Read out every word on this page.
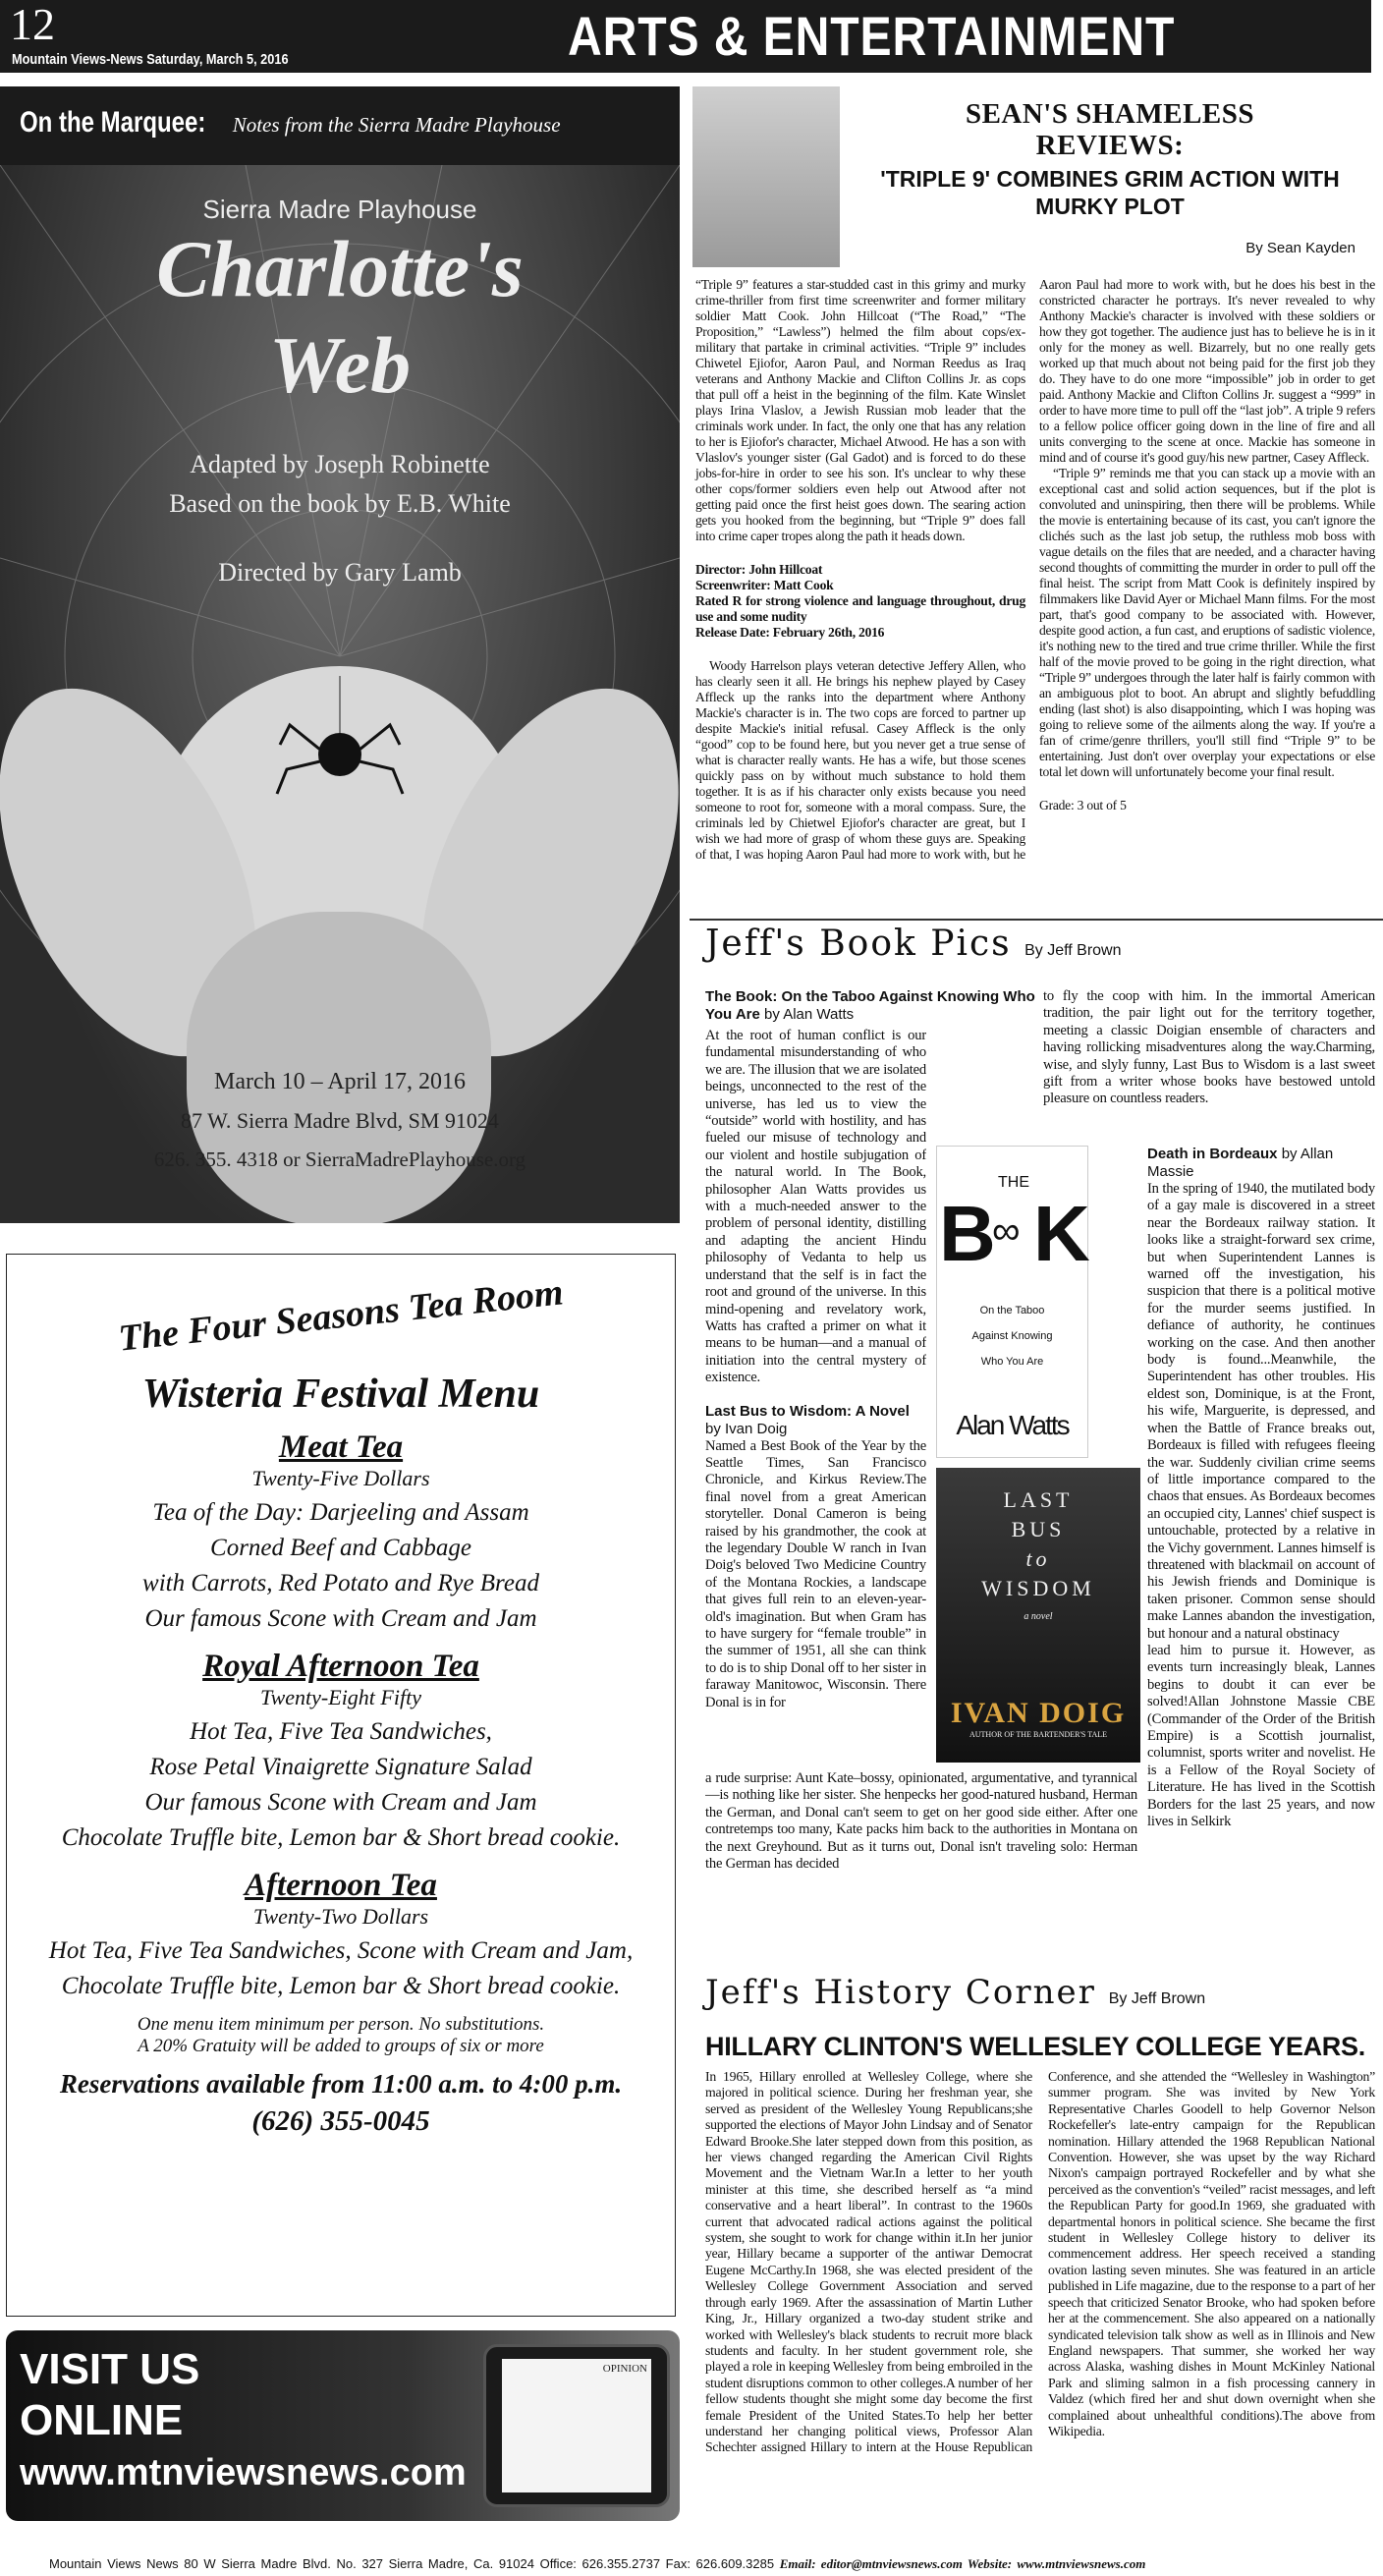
12
Mountain Views-News Saturday, March 5, 2016	ARTS & ENTERTAINMENT
On the Marquee: Notes from the Sierra Madre Playhouse
Sierra Madre Playhouse
Charlotte's
Web
Adapted by Joseph Robinette
Based on the book by E.B. White
Directed by Gary Lamb
March 10 – April 17, 2016
87 W. Sierra Madre Blvd, SM 91024
626. 355. 4318 or SierraMadrePlayhouse.org
The Four Seasons Tea Room
Wisteria Festival Menu
Meat Tea
Twenty-Five Dollars
Tea of the Day: Darjeeling and Assam
Corned Beef and Cabbage
with Carrots, Red Potato and Rye Bread
Our famous Scone with Cream and Jam
Royal Afternoon Tea
Twenty-Eight Fifty
Hot Tea, Five Tea Sandwiches,
Rose Petal Vinaigrette Signature Salad
Our famous Scone with Cream and Jam
Chocolate Truffle bite, Lemon bar & Short bread cookie.
Afternoon Tea
Twenty-Two Dollars
Hot Tea, Five Tea Sandwiches, Scone with Cream and Jam,
Chocolate Truffle bite, Lemon bar & Short bread cookie.
One menu item minimum per person. No substitutions.
A 20% Gratuity will be added to groups of six or more
Reservations available from 11:00 a.m. to 4:00 p.m.
(626) 355-0045
OPINION
VISIT US
ONLINE
www.mtnviewsnews.com
SEAN'S SHAMELESS
REVIEWS:
'TRIPLE 9' COMBINES GRIM ACTION WITH MURKY PLOT
By Sean Kayden

“Triple 9” features a star-studded cast in this grimy and murky crime-thriller from first time screenwriter and former military soldier Matt Cook. John Hillcoat (“The Road,” “The Proposition,” “Lawless”) helmed the film about cops/ex-military that partake in criminal activities. “Triple 9” includes Chiwetel Ejiofor, Aaron Paul, and Norman Reedus as Iraq veterans and Anthony Mackie and Clifton Collins Jr. as cops that pull off a heist in the beginning of the film. Kate Winslet plays Irina Vlaslov, a Jewish Russian mob leader that the criminals work under. In fact, the only one that has any relation to her is Ejiofor's character, Michael Atwood. He has a son with Vlaslov's younger sister (Gal Gadot) and is forced to do these jobs-for-hire in order to see his son. It's unclear to why these other cops/former soldiers even help out Atwood after not getting paid once the first heist goes down. The searing action gets you hooked from the beginning, but “Triple 9” does fall into crime caper tropes along the path it heads down.

Director: John Hillcoat
Screenwriter: Matt Cook
Rated R for strong violence and language throughout, drug use and some nudity
Release Date: February 26th, 2016

Woody Harrelson plays veteran detective Jeffery Allen, who has clearly seen it all. He brings his nephew played by Casey Affleck up the ranks into the department where Anthony Mackie's character is in. The two cops are forced to partner up despite Mackie's initial refusal. Casey Affleck is the only “good” cop to be found here, but you never get a true sense of what is character really wants. He has a wife, but those scenes quickly pass on by without much substance to hold them together. It is as if his character only exists because you need someone to root for, someone with a moral compass. Sure, the criminals led by Chietwel Ejiofor's character are great, but I wish we had more of grasp of whom these guys are. Speaking of that, I was hoping Aaron Paul had more to work with, but he

Aaron Paul had more to work with, but he does his best in the constricted character he portrays. It's never revealed to why Anthony Mackie's character is involved with these soldiers or how they got together. The audience just has to believe he is in it only for the money as well. Bizarrely, but no one really gets worked up that much about not being paid for the first job they do. They have to do one more “impossible” job in order to get paid. Anthony Mackie and Clifton Collins Jr. suggest a “999” in order to have more time to pull off the “last job”. A triple 9 refers to a fellow police officer going down in the line of fire and all units converging to the scene at once. Mackie has someone in mind and of course it's good guy/his new partner, Casey Affleck.

“Triple 9” reminds me that you can stack up a movie with an exceptional cast and solid action sequences, but if the plot is convoluted and uninspiring, then there will be problems. While the movie is entertaining because of its cast, you can't ignore the clichés such as the last job setup, the ruthless mob boss with vague details on the files that are needed, and a character having second thoughts of committing the murder in order to pull off the final heist. The script from Matt Cook is definitely inspired by filmmakers like David Ayer or Michael Mann films. For the most part, that's good company to be associated with. However, despite good action, a fun cast, and eruptions of sadistic violence, it's nothing new to the tired and true crime thriller. While the first half of the movie proved to be going in the right direction, what “Triple 9” undergoes through the later half is fairly common with an ambiguous plot to boot. An abrupt and slightly befuddling ending (last shot) is also disappointing, which I was hoping was going to relieve some of the ailments along the way. If you're a fan of crime/genre thrillers, you'll still find “Triple 9” to be entertaining. Just don't over overplay your expectations or else total let down will unfortunately become your final result.

Grade: 3 out of 5

Jeff's Book Pics By Jeff Brown
The Book: On the Taboo Against Knowing Who You Are by Alan Watts

At the root of human conflict is our fundamental misunderstanding of who we are. The illusion that we are isolated beings, unconnected to the rest of the universe, has led us to view the “outside” world with hostility, and has fueled our misuse of technology and our violent and hostile subjugation of the natural world. In The Book, philosopher Alan Watts provides us with a much-needed answer to the problem of personal identity, distilling and adapting the ancient Hindu philosophy of Vedanta to help us understand that the self is in fact the root and ground of the universe. In this mind-opening and revelatory work, Watts has crafted a primer on what it means to be human—and a manual of initiation into the central mystery of existence.

Last Bus to Wisdom: A Novel
by Ivan Doig

Named a Best Book of the Year by the Seattle Times, San Francisco Chronicle, and Kirkus Review.The final novel from a great American storyteller. Donal Cameron is being raised by his grandmother, the cook at the legendary Double W ranch in Ivan Doig's beloved Two Medicine Country of the Montana Rockies, a landscape that gives full rein to an eleven-year-old's imagination. But when Gram has to have surgery for “female trouble” in the summer of 1951, all she can think to do is to ship Donal off to her sister in faraway Manitowoc, Wisconsin. There Donal is in for

to fly the coop with him. In the immortal American tradition, the pair light out for the territory together, meeting a classic Doigian ensemble of characters and having rollicking misadventures along the way.Charming, wise, and slyly funny, Last Bus to Wisdom is a last sweet gift from a writer whose books have bestowed untold pleasure on countless readers.
Death in Bordeaux by Allan Massie

In the spring of 1940, the mutilated body of a gay male is discovered in a street near the Bordeaux railway station. It looks like a straight-forward sex crime, but when Superintendent Lannes is warned off the investigation, his suspicion that there is a political motive for the murder seems justified. In defiance of authority, he continues working on the case. And then another body is found...Meanwhile, the Superintendent has other troubles. His eldest son, Dominique, is at the Front, his wife, Marguerite, is depressed, and when the Battle of France breaks out, Bordeaux is filled with refugees fleeing the war. Suddenly civilian crime seems of little importance compared to the chaos that ensues. As Bordeaux becomes an occupied city, Lannes' chief suspect is untouchable, protected by a relative in the Vichy government. Lannes himself is threatened with blackmail on account of his Jewish friends and Dominique is taken prisoner. Common sense should make Lannes abandon the investigation, but honour and a natural obstinacy

lead him to pursue it. However, as events turn increasingly bleak, Lannes begins to doubt it can ever be solved!Allan Johnstone Massie CBE (Commander of the Order of the British Empire) is a Scottish journalist, columnist, sports writer and novelist. He is a Fellow of the Royal Society of Literature. He has lived in the Scottish Borders for the last 25 years, and now lives in Selkirk

a rude surprise: Aunt Kate–bossy, opinionated, argumentative, and tyrannical—is nothing like her sister. She henpecks her good-natured husband, Herman the German, and Donal can't seem to get on her good side either. After one contretemps too many, Kate packs him back to the authorities in Montana on the next Greyhound. But as it turns out, Donal isn't traveling solo: Herman the German has decided
B
THE
∞ K
On the Taboo
Against Knowing
Who You Are
Alan Watts
LAST
BUS
to
WISDOM
a novel
IVAN DOIG
AUTHOR OF THE BARTENDER'S TALE
Jeff's History Corner By Jeff Brown
HILLARY CLINTON'S WELLESLEY COLLEGE YEARS.
In 1965, Hillary enrolled at Wellesley College, where she majored in political science. During her freshman year, she served as president of the Wellesley Young Republicans;she supported the elections of Mayor John Lindsay and of Senator Edward Brooke.She later stepped down from this position, as her views changed regarding the American Civil Rights Movement and the Vietnam War.In a letter to her youth minister at this time, she described herself as “a mind conservative and a heart liberal”. In contrast to the 1960s current that advocated radical actions against the political system, she sought to work for change within it.In her junior year, Hillary became a supporter of the antiwar Democrat Eugene McCarthy.In 1968, she was elected president of the Wellesley College Government Association and served through early 1969. After the assassination of Martin Luther King, Jr., Hillary organized a two-day student strike and worked with Wellesley's black students to recruit more black students and faculty. In her student government role, she played a role in keeping Wellesley from being embroiled in the student disruptions common to other colleges.A number of her fellow students thought she might some day become the first female President of the United States.To help her better understand her changing political views, Professor Alan Schechter assigned Hillary to intern at the House Republican Conference, and she attended the “Wellesley in Washington” summer program. She was invited by New York Representative Charles Goodell to help Governor Nelson Rockefeller's late-entry campaign for the Republican nomination. Hillary attended the 1968 Republican National Convention. However, she was upset by the way Richard Nixon's campaign portrayed Rockefeller and by what she perceived as the convention's “veiled” racist messages, and left the Republican Party for good.In 1969, she graduated with departmental honors in political science. She became the first student in Wellesley College history to deliver its commencement address. Her speech received a standing ovation lasting seven minutes. She was featured in an article published in Life magazine, due to the response to a part of her speech that criticized Senator Brooke, who had spoken before her at the commencement. She also appeared on a nationally syndicated television talk show as well as in Illinois and New England newspapers. That summer, she worked her way across Alaska, washing dishes in Mount McKinley National Park and sliming salmon in a fish processing cannery in Valdez (which fired her and shut down overnight when she complained about unhealthful conditions).The above from Wikipedia.
Mountain Views News 80 W Sierra Madre Blvd. No. 327 Sierra Madre, Ca. 91024 Office: 626.355.2737 Fax: 626.609.3285 Email: editor@mtnviewsnews.com Website: www.mtnviewsnews.com
